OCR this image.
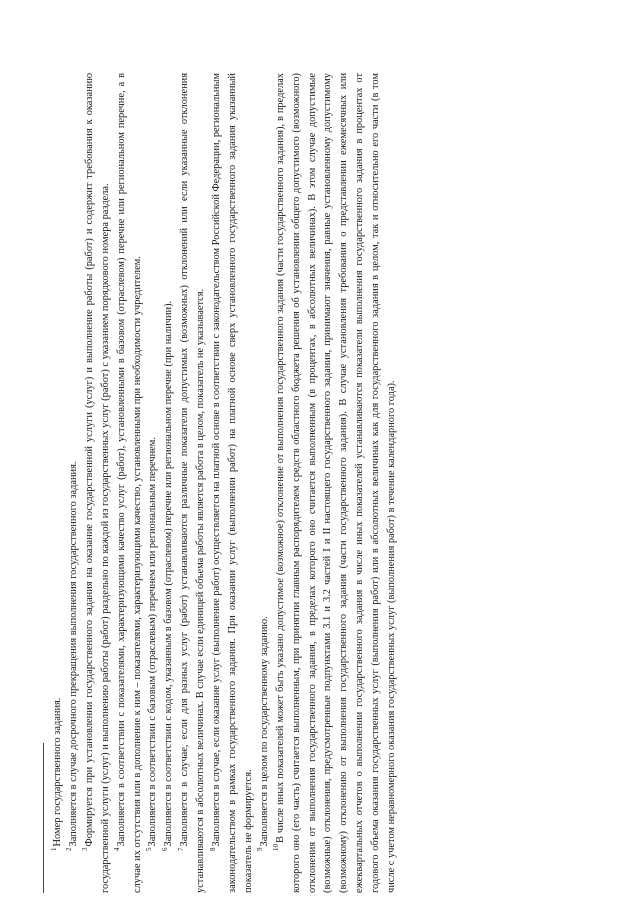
$^1$Номер государственного задания.

$^2$Заполняется в случае досрочного прекращения выполнения государственного задания.

$^3$Формируется при установлении государственного задания на оказание государственной услуги (услуг) и выполнение работы (работ) и содержит требования к оказанию государственной услуги (услуг) и выполнению работы (работ) раздельно по каждой из государственных услуг (работ) с указанием порядкового номера раздела. $^4$Заполняется в соответствии с показателями, характеризующими качество услуг (работ), установленными в базовом (отраслевом) перечне или региональном перечне, а в случае их отсутствия или в дополнение к ним – показателями, характеризующими качество, установленными при необходимости учредителем. $^5$Заполняется в соответствии с базовым (отраслевым) перечнем или региональным перечнем.

$^6$Заполняется в соответствии с кодом, указанным в базовом (отраслевом) перечне или региональном перечне (при наличии).

$^7$Заполняется в случае, если для разных услуг (работ) устанавливаются различные показатели допустимых (возможных) отклонений или если указанные отклонения устанавливаются в абсолютных величинах. В случае если единицей объема работы является работа в целом, показатель не указывается. $^8$Заполняется в случае, если оказание услуг (выполнение работ) осуществляется на платной основе в соответствии с законодательством Российской Федерации, региональным законодательством в рамках государственного задания. При оказании услуг (выполнении работ) на платной основе сверх установленного государственного задания указанный показатель не формируется. $^9$Заполняется в целом по государственному заданию.

$^{10}$В числе иных показателей может быть указано допустимое (возможное) отклонение от выполнения государственного задания (части государственного задания), в пределах которого оно (его часть) считается выполненным, при принятии главным распорядителем средств областного бюджета решения об установлении общего допустимого (возможного) отклонения от выполнения государственного задания, в пределах которого оно считается выполненным (в процентах, в абсолютных величинах). В этом случае допустимые (возможные) отклонения, предусмотренные подпунктами 3.1 и 3.2 частей I и II настоящего государственного задания, принимают значения, равные установленному допустимому (возможному) отклонению от выполнения государственного задания (части государственного задания). В случае установления требования о представлении ежемесячных или ежеквартальных отчетов о выполнении государственного задания в числе иных показателей устанавливаются показатели выполнения государственного задания в процентах от годового объема оказания государственных услуг (выполнения работ) или в абсолютных величинах как для государственного задания в целом, так и относительно его части (в том числе с учетом неравномерного оказания государственных услуг (выполнения работ) в течение календарного года).
